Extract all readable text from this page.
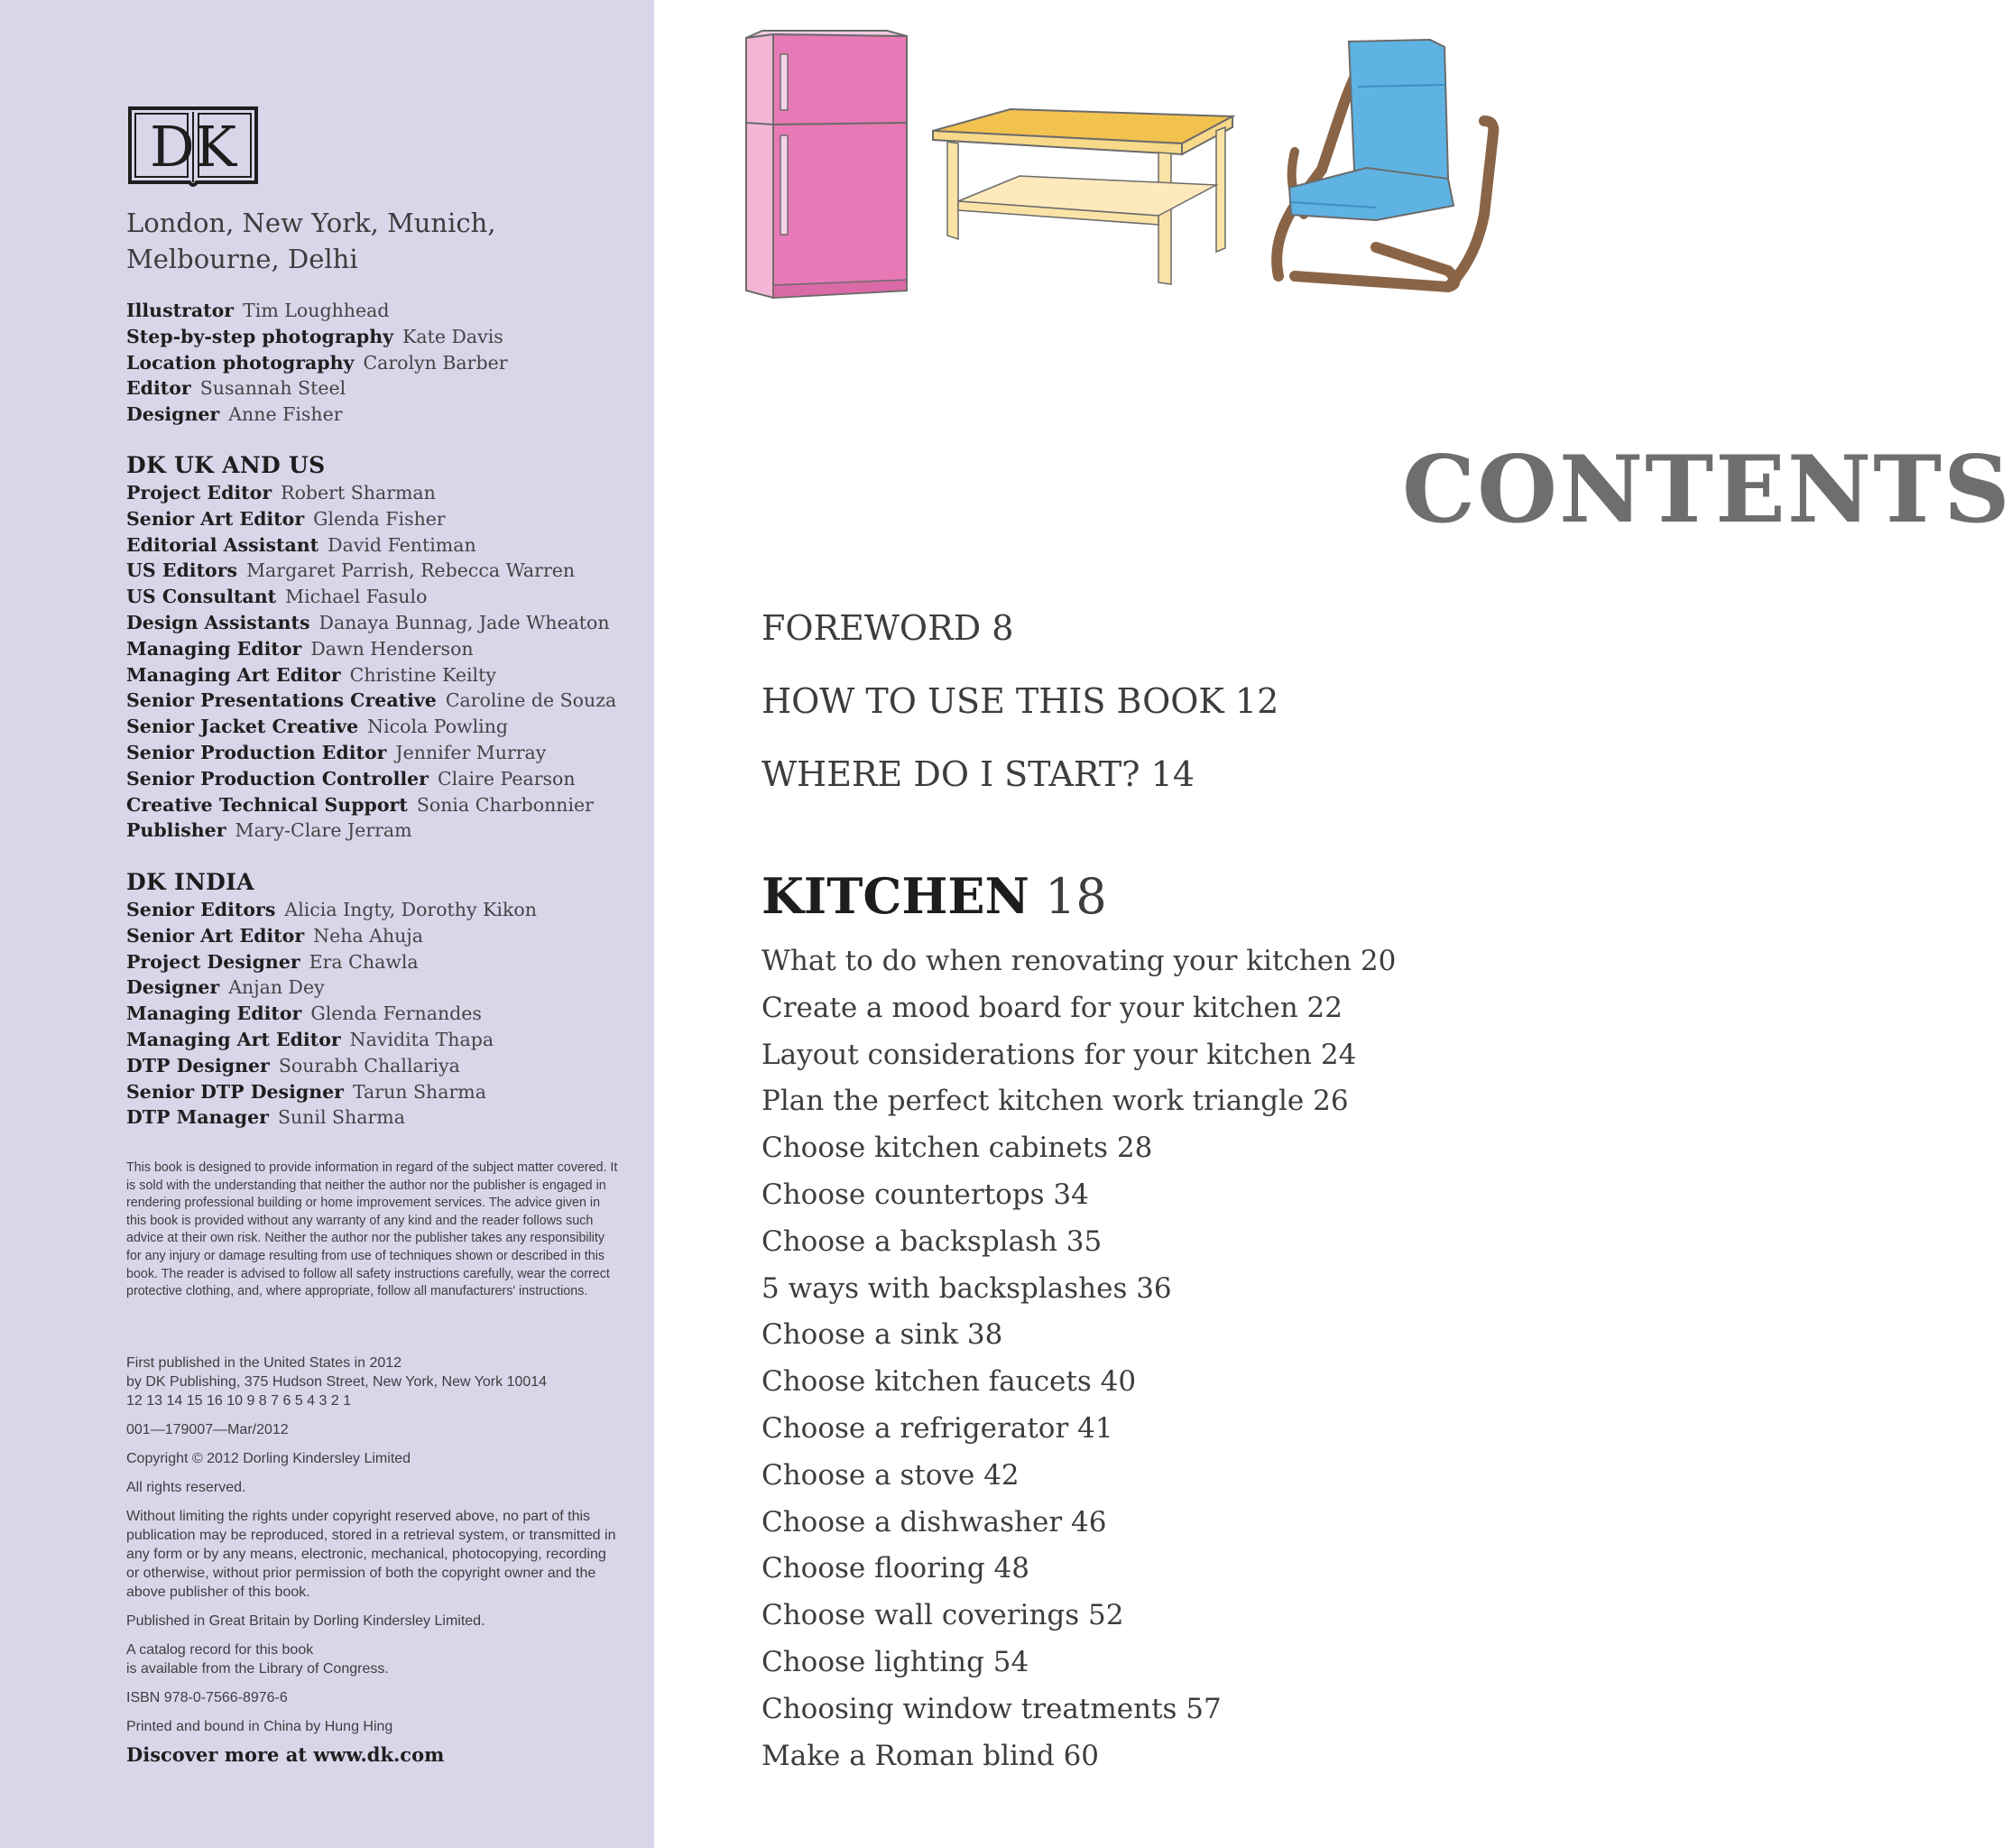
DK
London, New York, Munich,
Melbourne, Delhi
Illustrator Tim Loughhead
Step-by-step photography Kate Davis
Location photography Carolyn Barber
Editor Susannah Steel
Designer Anne Fisher
DK UK AND US
Project Editor Robert Sharman
Senior Art Editor Glenda Fisher
Editorial Assistant David Fentiman
US Editors Margaret Parrish, Rebecca Warren
US Consultant Michael Fasulo
Design Assistants Danaya Bunnag, Jade Wheaton
Managing Editor Dawn Henderson
Managing Art Editor Christine Keilty
Senior Presentations Creative Caroline de Souza
Senior Jacket Creative Nicola Powling
Senior Production Editor Jennifer Murray
Senior Production Controller Claire Pearson
Creative Technical Support Sonia Charbonnier
Publisher Mary-Clare Jerram
DK INDIA
Senior Editors Alicia Ingty, Dorothy Kikon
Senior Art Editor Neha Ahuja
Project Designer Era Chawla
Designer Anjan Dey
Managing Editor Glenda Fernandes
Managing Art Editor Navidita Thapa
DTP Designer Sourabh Challariya
Senior DTP Designer Tarun Sharma
DTP Manager Sunil Sharma
This book is designed to provide information in regard of the subject matter covered. It is sold with the understanding that neither the author nor the publisher is engaged in rendering professional building or home improvement services. The advice given in this book is provided without any warranty of any kind and the reader follows such advice at their own risk. Neither the author nor the publisher takes any responsibility for any injury or damage resulting from use of techniques shown or described in this book. The reader is advised to follow all safety instructions carefully, wear the correct protective clothing, and, where appropriate, follow all manufacturers' instructions.

First published in the United States in 2012
by DK Publishing, 375 Hudson Street, New York, New York 10014
12 13 14 15 16 10 9 8 7 6 5 4 3 2 1

001—179007—Mar/2012

Copyright © 2012 Dorling Kindersley Limited

All rights reserved.

Without limiting the rights under copyright reserved above, no part of this publication may be reproduced, stored in a retrieval system, or transmitted in any form or by any means, electronic, mechanical, photocopying, recording or otherwise, without prior permission of both the copyright owner and the above publisher of this book.

Published in Great Britain by Dorling Kindersley Limited.

A catalog record for this book
is available from the Library of Congress.

ISBN 978-0-7566-8976-6

Printed and bound in China by Hung Hing

Discover more at www.dk.com
CONTENTS
FOREWORD 8
HOW TO USE THIS BOOK 12
WHERE DO I START? 14
KITCHEN 18
What to do when renovating your kitchen 20
Create a mood board for your kitchen 22
Layout considerations for your kitchen 24
Plan the perfect kitchen work triangle 26
Choose kitchen cabinets 28
Choose countertops 34
Choose a backsplash 35
5 ways with backsplashes 36
Choose a sink 38
Choose kitchen faucets 40
Choose a refrigerator 41
Choose a stove 42
Choose a dishwasher 46
Choose flooring 48
Choose wall coverings 52
Choose lighting 54
Choosing window treatments 57
Make a Roman blind 60
